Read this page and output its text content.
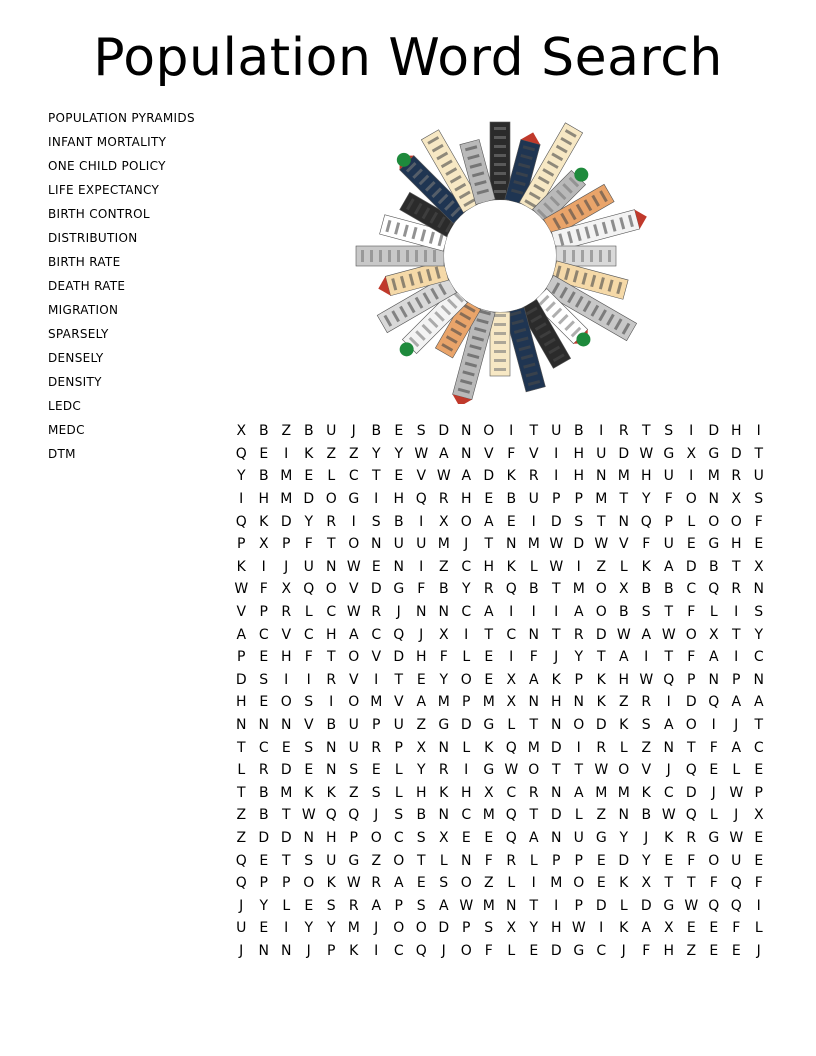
Population Word Search
POPULATION PYRAMIDS
INFANT MORTALITY
ONE CHILD POLICY
LIFE EXPECTANCY
BIRTH CONTROL
DISTRIBUTION
BIRTH RATE
DEATH RATE
MIGRATION
SPARSELY
DENSELY
DENSITY
LEDC
MEDC
DTM
X	B	Z	B	U	J	B	E	S	D	N	O	I	T	U	B	I	R	T	S	I	D	H	I
Q	E	I	K	Z	Z	Y	Y	W	A	N	V	F	V	I	H	U	D	W	G	X	G	D	T
Y	B	M	E	L	C	T	E	V	W	A	D	K	R	I	H	N	M	H	U	I	M	R	U
I	H	M	D	O	G	I	H	Q	R	H	E	B	U	P	P	M	T	Y	F	O	N	X	S
Q	K	D	Y	R	I	S	B	I	X	O	A	E	I	D	S	T	N	Q	P	L	O	O	F
P	X	P	F	T	O	N	U	U	M	J	T	N	M	W	D	W	V	F	U	E	G	H	E
K	I	J	U	N	W	E	N	I	Z	C	H	K	L	W	I	Z	L	K	A	D	B	T	X
W	F	X	Q	O	V	D	G	F	B	Y	R	Q	B	T	M	O	X	B	B	C	Q	R	N
V	P	R	L	C	W	R	J	N	N	C	A	I	I	I	A	O	B	S	T	F	L	I	S
A	C	V	C	H	A	C	Q	J	X	I	T	C	N	T	R	D	W	A	W	O	X	T	Y
P	E	H	F	T	O	V	D	H	F	L	E	I	F	J	Y	T	A	I	T	F	A	I	C
D	S	I	I	R	V	I	T	E	Y	O	E	X	A	K	P	K	H	W	Q	P	N	P	N
H	E	O	S	I	O	M	V	A	M	P	M	X	N	H	N	K	Z	R	I	D	Q	A	A
N	N	N	V	B	U	P	U	Z	G	D	G	L	T	N	O	D	K	S	A	O	I	J	T
T	C	E	S	N	U	R	P	X	N	L	K	Q	M	D	I	R	L	Z	N	T	F	A	C
L	R	D	E	N	S	E	L	Y	R	I	G	W	O	T	T	W	O	V	J	Q	E	L	E
T	B	M	K	K	Z	S	L	H	K	H	X	C	R	N	A	M	M	K	C	D	J	W	P
Z	B	T	W	Q	Q	J	S	B	N	C	M	Q	T	D	L	Z	N	B	W	Q	L	J	X
Z	D	D	N	H	P	O	C	S	X	E	E	Q	A	N	U	G	Y	J	K	R	G	W	E
Q	E	T	S	U	G	Z	O	T	L	N	F	R	L	P	P	E	D	Y	E	F	O	U	E
Q	P	P	O	K	W	R	A	E	S	O	Z	L	I	M	O	E	K	X	T	T	F	Q	F
J	Y	L	E	S	R	A	P	S	A	W	M	N	T	I	P	D	L	D	G	W	Q	Q	I
U	E	I	Y	Y	M	J	O	O	D	P	S	X	Y	H	W	I	K	A	X	E	E	F	L
J	N	N	J	P	K	I	C	Q	J	O	F	L	E	D	G	C	J	F	H	Z	E	E	J
